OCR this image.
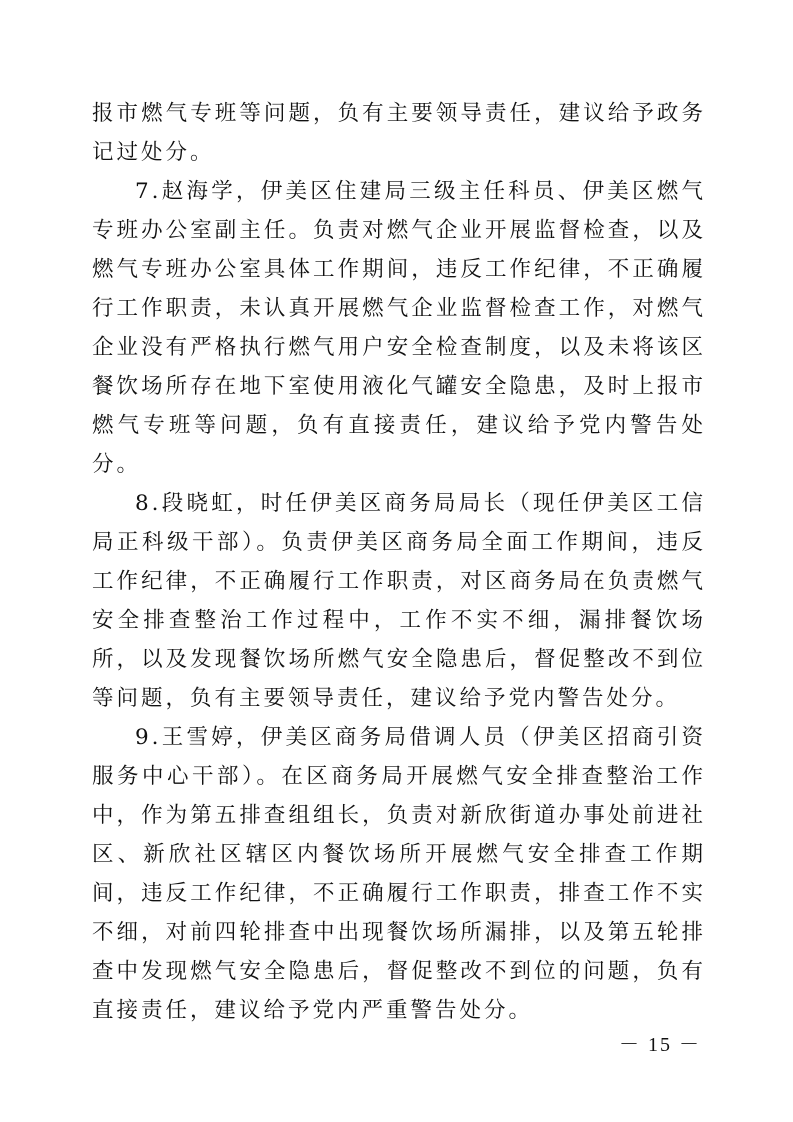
报市燃气专班等问题，负有主要领导责任，建议给予政务记过处分。

7.赵海学，伊美区住建局三级主任科员、伊美区燃气专班办公室副主任。负责对燃气企业开展监督检查，以及燃气专班办公室具体工作期间，违反工作纪律，不正确履行工作职责，未认真开展燃气企业监督检查工作，对燃气企业没有严格执行燃气用户安全检查制度，以及未将该区餐饮场所存在地下室使用液化气罐安全隐患，及时上报市燃气专班等问题，负有直接责任，建议给予党内警告处分。

8.段晓虹，时任伊美区商务局局长（现任伊美区工信局正科级干部）。负责伊美区商务局全面工作期间，违反工作纪律，不正确履行工作职责，对区商务局在负责燃气安全排查整治工作过程中，工作不实不细，漏排餐饮场所，以及发现餐饮场所燃气安全隐患后，督促整改不到位等问题，负有主要领导责任，建议给予党内警告处分。

9.王雪婷，伊美区商务局借调人员（伊美区招商引资服务中心干部）。在区商务局开展燃气安全排查整治工作中，作为第五排查组组长，负责对新欣街道办事处前进社区、新欣社区辖区内餐饮场所开展燃气安全排查工作期间，违反工作纪律，不正确履行工作职责，排查工作不实不细，对前四轮排查中出现餐饮场所漏排，以及第五轮排查中发现燃气安全隐患后，督促整改不到位的问题，负有直接责任，建议给予党内严重警告处分。

－ 15 －
